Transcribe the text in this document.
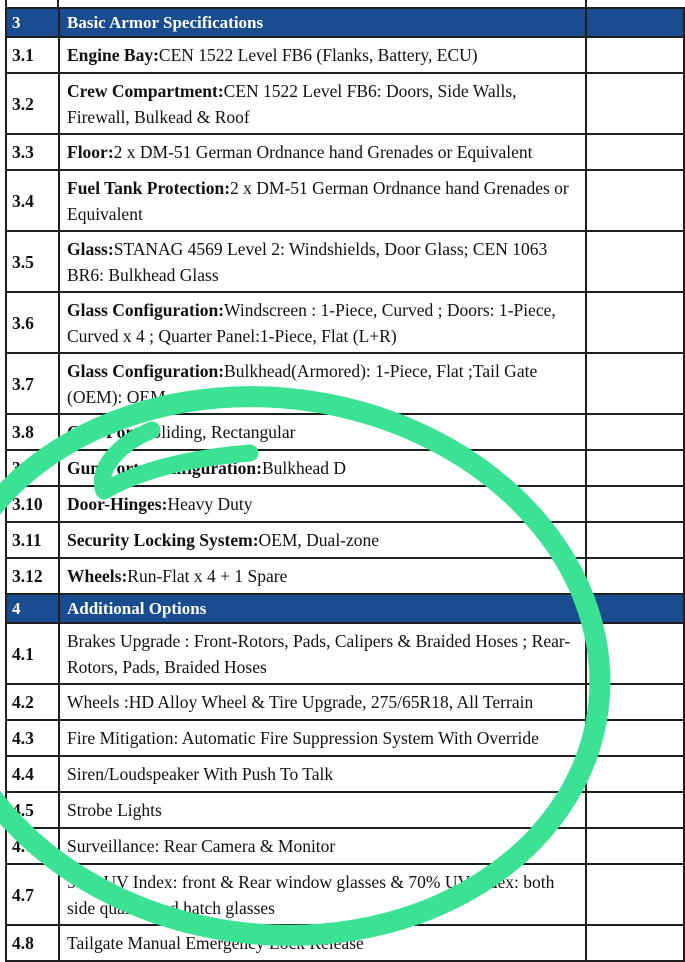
3	Basic Armor Specifications	
3.1	Engine Bay:CEN 1522 Level FB6 (Flanks, Battery, ECU)	
3.2	Crew Compartment:CEN 1522 Level FB6: Doors, Side Walls, Firewall, Bulkead & Roof	
3.3	Floor:2 x DM-51 German Ordnance hand Grenades or Equivalent	
3.4	Fuel Tank Protection:2 x DM-51 German Ordnance hand Grenades or Equivalent	
3.5	Glass:STANAG 4569 Level 2: Windshields, Door Glass; CEN 1063 BR6: Bulkhead Glass	
3.6	Glass Configuration:Windscreen : 1-Piece, Curved ; Doors: 1-Piece, Curved x 4 ; Quarter Panel:1-Piece, Flat (L+R)	
3.7	Glass Configuration:Bulkhead(Armored): 1-Piece, Flat ;Tail Gate (OEM): OEM	
3.8	Gun-Ports:Sliding, Rectangular	
3.9	Gun-Ports Configuration:Bulkhead D	
3.10	Door-Hinges:Heavy Duty	
3.11	Security Locking System:OEM, Dual-zone	
3.12	Wheels:Run-Flat x 4 + 1 Spare	
4	Additional Options	
4.1	Brakes Upgrade : Front-Rotors, Pads, Calipers & Braided Hoses ; Rear- Rotors, Pads, Braided Hoses	
4.2	Wheels :HD Alloy Wheel & Tire Upgrade, 275/65R18, All Terrain	
4.3	Fire Mitigation: Automatic Fire Suppression System With Override	
4.4	Siren/Loudspeaker With Push To Talk	
4.5	Strobe Lights	
4.6	Surveillance: Rear Camera & Monitor	
4.7	50% UV Index: front & Rear window glasses & 70% UV Index: both side quarter and hatch glasses	
4.8	Tailgate Manual Emergency Lock Release	
